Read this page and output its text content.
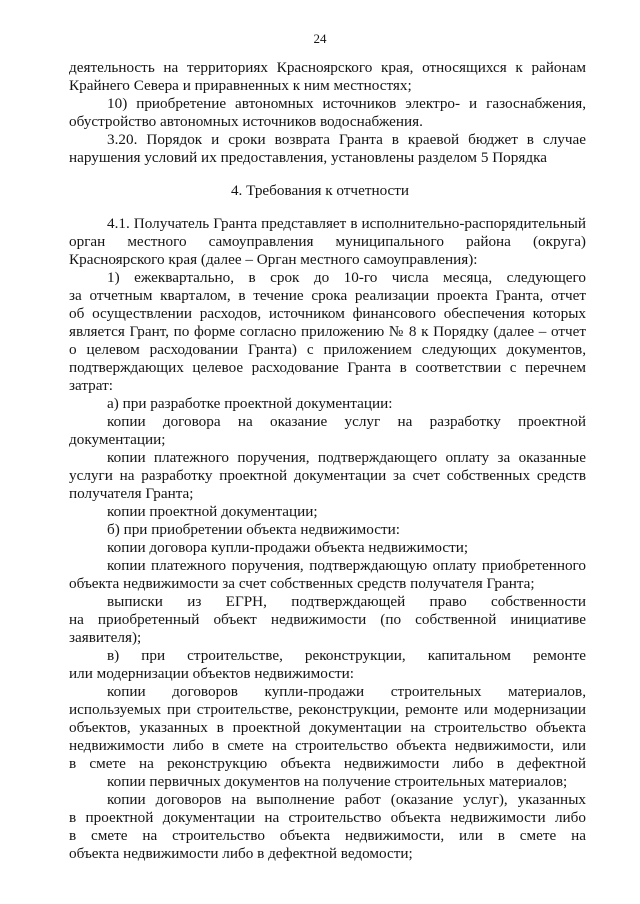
24
деятельность на территориях Красноярского края, относящихся к районам
Крайнего Севера и приравненных к ним местностях;
10) приобретение автономных источников электро- и газоснабжения,
обустройство автономных источников водоснабжения.
3.20. Порядок и сроки возврата Гранта в краевой бюджет в случае
нарушения условий их предоставления, установлены разделом 5 Порядка
4. Требования к отчетности
4.1. Получатель Гранта представляет в исполнительно-распорядительный
орган местного самоуправления муниципального района (округа)
Красноярского края (далее – Орган местного самоуправления):
1) ежеквартально, в срок до 10-го числа месяца, следующего
за отчетным кварталом, в течение срока реализации проекта Гранта, отчет
об осуществлении расходов, источником финансового обеспечения которых
является Грант, по форме согласно приложению № 8 к Порядку (далее – отчет
о целевом расходовании Гранта) с приложением следующих документов,
подтверждающих целевое расходование Гранта в соответствии с перечнем
затрат:
а) при разработке проектной документации:
копии договора на оказание услуг на разработку проектной
документации;
копии платежного поручения, подтверждающего оплату за оказанные
услуги на разработку проектной документации за счет собственных средств
получателя Гранта;
копии проектной документации;
б) при приобретении объекта недвижимости:
копии договора купли-продажи объекта недвижимости;
копии платежного поручения, подтверждающую оплату приобретенного
объекта недвижимости за счет собственных средств получателя Гранта;
выписки из ЕГРН, подтверждающей право собственности
на приобретенный объект недвижимости (по собственной инициативе
заявителя);
в) при строительстве, реконструкции, капитальном ремонте
или модернизации объектов недвижимости:
копии договоров купли-продажи строительных материалов,
используемых при строительстве, реконструкции, ремонте или модернизации
объектов, указанных в проектной документации на строительство объекта
недвижимости либо в смете на строительство объекта недвижимости, или
в смете на реконструкцию объекта недвижимости либо в дефектной
копии первичных документов на получение строительных материалов;
копии договоров на выполнение работ (оказание услуг), указанных
в проектной документации на строительство объекта недвижимости либо
в смете на строительство объекта недвижимости, или в смете на
объекта недвижимости либо в дефектной ведомости;
